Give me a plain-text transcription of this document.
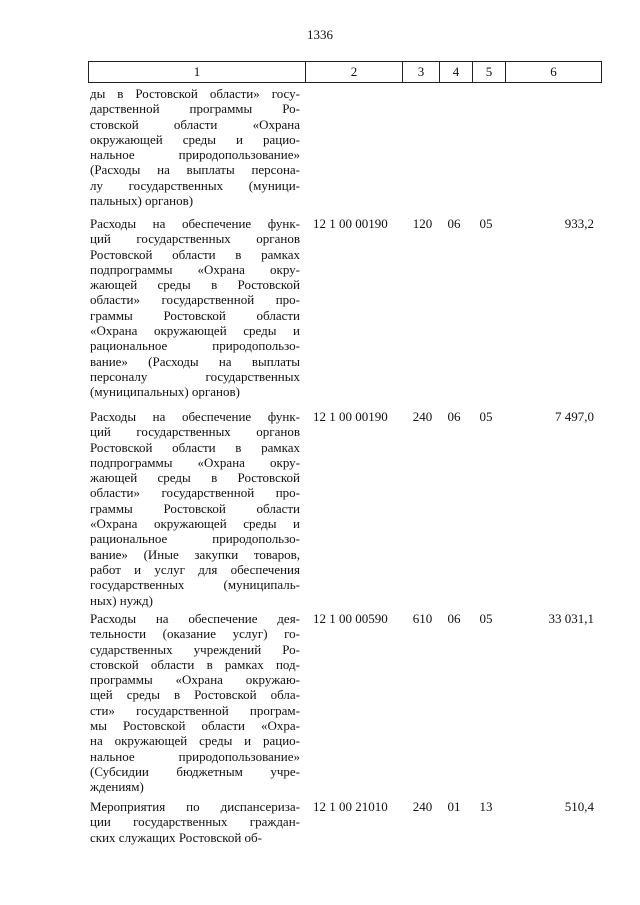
1336
1	2	3	4	5	6
ды в Ростовской области» госу-
дарственной программы Ро-
стовской области «Охрана
окружающей среды и рацио-
нальное природопользование»
(Расходы на выплаты персона-
лу государственных (муници-
пальных) органов)
Расходы на обеспечение функ-
ций государственных органов
Ростовской области в рамках
подпрограммы «Охрана окру-
жающей среды в Ростовской
области» государственной про-
граммы Ростовской области
«Охрана окружающей среды и
рациональное природопользо-
вание» (Расходы на выплаты
персоналу государственных
(муниципальных) органов)
12 1 00 00190	120	06	05	933,2
Расходы на обеспечение функ-
ций государственных органов
Ростовской области в рамках
подпрограммы «Охрана окру-
жающей среды в Ростовской
области» государственной про-
граммы Ростовской области
«Охрана окружающей среды и
рациональное природопользо-
вание» (Иные закупки товаров,
работ и услуг для обеспечения
государственных (муниципаль-
ных) нужд)
12 1 00 00190	240	06	05	7 497,0
Расходы на обеспечение дея-
тельности (оказание услуг) го-
сударственных учреждений Ро-
стовской области в рамках под-
программы «Охрана окружаю-
щей среды в Ростовской обла-
сти» государственной програм-
мы Ростовской области «Охра-
на окружающей среды и рацио-
нальное природопользование»
(Субсидии бюджетным учре-
ждениям)
12 1 00 00590	610	06	05	33 031,1
Мероприятия по диспансеризa-
ции государственных граждан-
ских служащих Ростовской об-
12 1 00 21010	240	01	13	510,4
